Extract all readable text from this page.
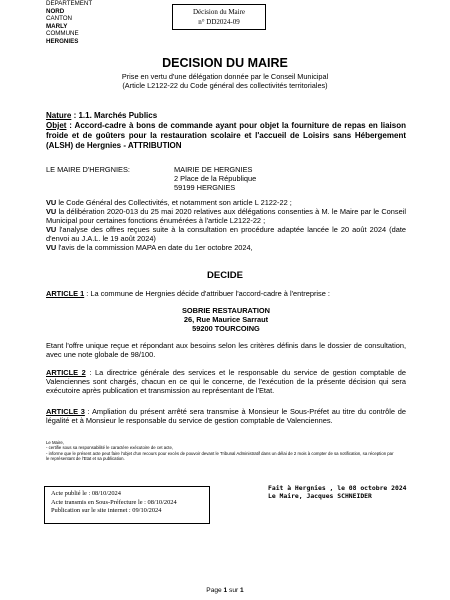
DEPARTEMENT
NORD
CANTON
MARLY
COMMUNE
HERGNIES
Décision du Maire
n° DD2024-09
DECISION DU MAIRE
Prise en vertu d'une délégation donnée par le Conseil Municipal
(Article L2122-22 du Code général des collectivités territoriales)
Nature : 1.1. Marchés Publics
Objet : Accord-cadre à bons de commande ayant pour objet la fourniture de repas en liaison froide et de goûters pour la restauration scolaire et l'accueil de Loisirs sans Hébergement (ALSH) de Hergnies - ATTRIBUTION
LE MAIRE D'HERGNIES:	MAIRIE DE HERGNIES
2 Place de la République
59199 HERGNIES
VU le Code Général des Collectivités, et notamment son article L 2122-22 ;
VU la délibération 2020-013 du 25 mai 2020 relatives aux délégations consenties à M. le Maire par le Conseil Municipal pour certaines fonctions énumérées à l'article L2122-22 ;
VU l'analyse des offres reçues suite à la consultation en procédure adaptée lancée le 20 août 2024 (date d'envoi au J.A.L. le 19 août 2024)
VU l'avis de la commission MAPA en date du 1er octobre 2024,
DECIDE
ARTICLE 1 : La commune de Hergnies décide d'attribuer l'accord-cadre à l'entreprise :
SOBRIE RESTAURATION
26, Rue Maurice Sarraut
59200 TOURCOING
Etant l'offre unique reçue et répondant aux besoins selon les critères définis dans le dossier de consultation, avec une note globale de 98/100.
ARTICLE 2 : La directrice générale des services et le responsable du service de gestion comptable de Valenciennes sont chargés, chacun en ce qui le concerne, de l'exécution de la présente décision qui sera exécutoire après publication et transmission au représentant de l'Etat.
ARTICLE 3 : Ampliation du présent arrêté sera transmise à Monsieur le Sous-Préfet au titre du contrôle de légalité et à Monsieur le responsable du service de gestion comptable de Valenciennes.
Le Maire,
- certifie sous sa responsabilité le caractère exécutoire de cet acte,
- informe que le présent acte peut faire l'objet d'un recours pour excès de pouvoir devant le Tribunal Administratif dans un délai de 2 mois à compter de sa notification, sa réception par le représentant de l'Etat et sa publication.
Acte publié le : 08/10/2024
Acte transmis en Sous-Préfecture le : 08/10/2024
Publication sur le site internet : 09/10/2024
Fait à Hergnies , le 08 octobre 2024
Le Maire, Jacques SCHNEIDER
Page 1 sur 1
